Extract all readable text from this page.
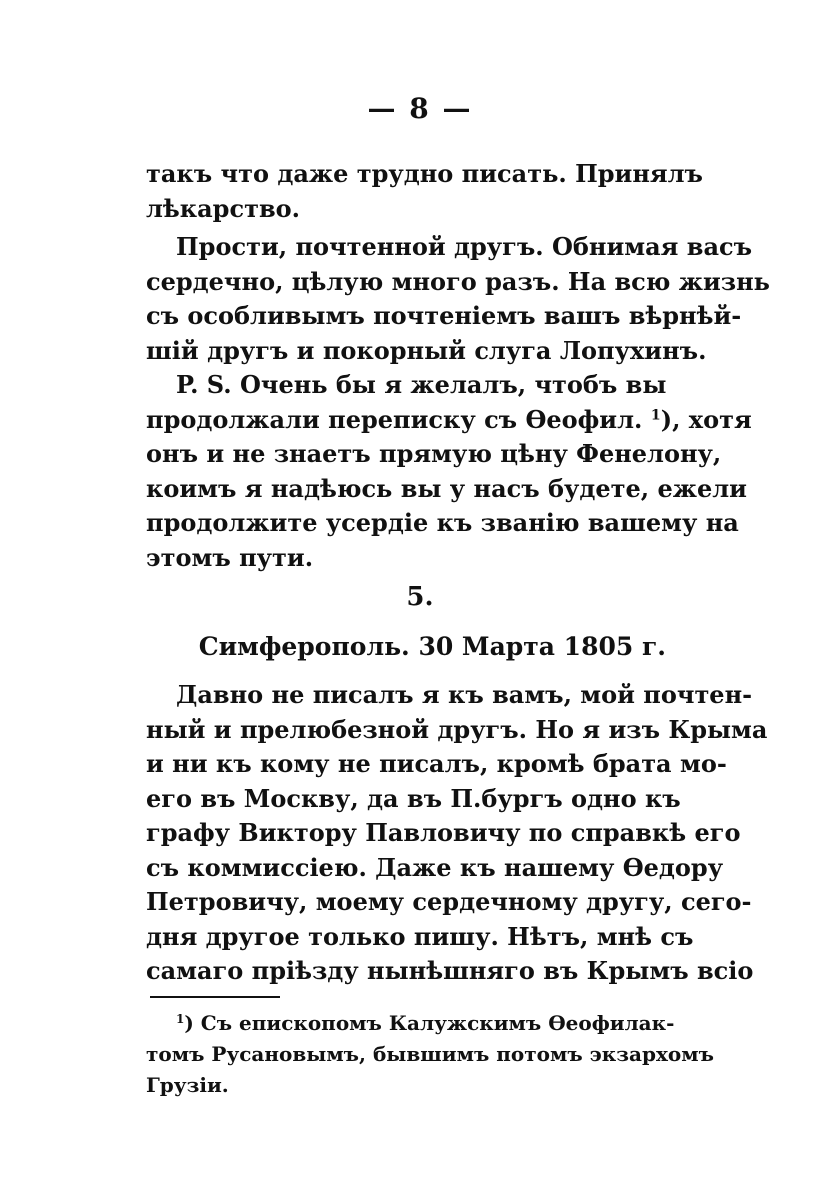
— 8 —
такъ что даже трудно писать. Принялъ
лѣкарство.
Прости, почтенной другъ. Обнимая васъ
сердечно, цѣлую много разъ. На всю жизнь
съ особливымъ почтенiемъ вашъ вѣрнѣй-
шiй другъ и покорный слуга Лопухинъ.
P. S. Очень бы я желалъ, чтобъ вы
продолжали переписку съ Ѳеофил. $^1$), хотя
онъ и не знаетъ прямую цѣну Фенелону,
коимъ я надѣюсь вы у насъ будете, ежели
продолжите усердiе къ званiю вашему на
этомъ пути.
5.
Симферополь. 30 Марта 1805 г.
Давно не писалъ я къ вамъ, мой почтен-
ный и прелюбезной другъ. Но я изъ Крыма
и ни къ кому не писалъ, кромѣ брата мо-
его въ Москву, да въ П.бургъ одно къ
графу Виктору Павловичу по справкѣ его
съ коммиссiею. Даже къ нашему Ѳедору
Петровичу, моему сердечному другу, сего-
дня другое только пишу. Нѣтъ, мнѣ съ
самаго прiѣзду нынѣшняго въ Крымъ всiо
$^1$) Съ епископомъ Калужскимъ Ѳеофилак-
томъ Русановымъ, бывшимъ потомъ экзархомъ
Грузiи.
